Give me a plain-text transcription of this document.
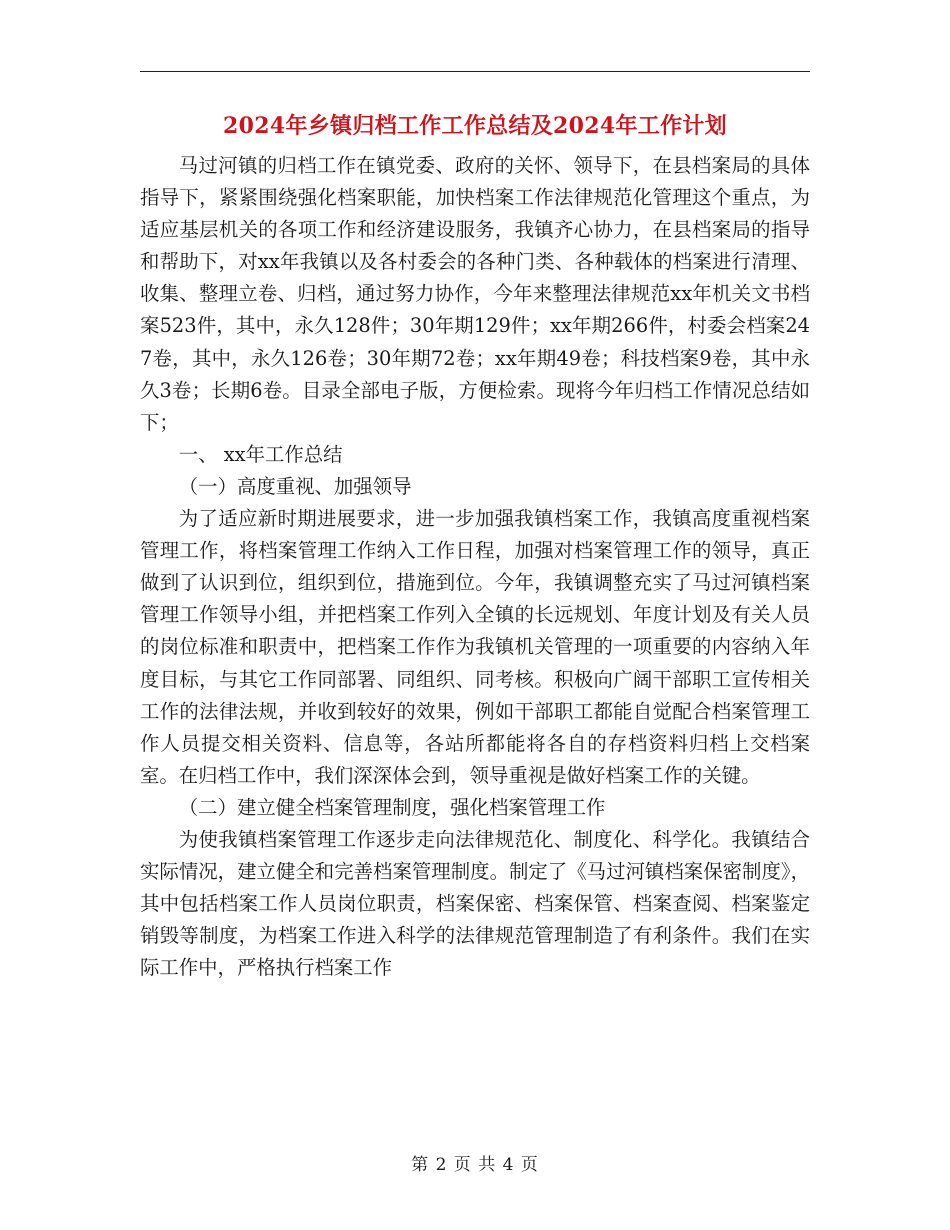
2024年乡镇归档工作工作总结及2024年工作计划

马过河镇的归档工作在镇党委、政府的关怀、领导下，在县档案局的具体指导下，紧紧围绕强化档案职能，加快档案工作法律规范化管理这个重点，为适应基层机关的各项工作和经济建设服务，我镇齐心协力，在县档案局的指导和帮助下，对xx年我镇以及各村委会的各种门类、各种载体的档案进行清理、收集、整理立卷、归档，通过努力协作，今年来整理法律规范xx年机关文书档案523件，其中，永久128件；30年期129件；xx年期266件，村委会档案247卷，其中，永久126卷；30年期72卷；xx年期49卷；科技档案9卷，其中永久3卷；长期6卷。目录全部电子版，方便检索。现将今年归档工作情况总结如下；

一、 xx年工作总结

（一）高度重视、加强领导

为了适应新时期进展要求，进一步加强我镇档案工作，我镇高度重视档案管理工作，将档案管理工作纳入工作日程，加强对档案管理工作的领导，真正做到了认识到位，组织到位，措施到位。今年，我镇调整充实了马过河镇档案管理工作领导小组，并把档案工作列入全镇的长远规划、年度计划及有关人员的岗位标准和职责中，把档案工作作为我镇机关管理的一项重要的内容纳入年度目标，与其它工作同部署、同组织、同考核。积极向广阔干部职工宣传相关工作的法律法规，并收到较好的效果，例如干部职工都能自觉配合档案管理工作人员提交相关资料、信息等，各站所都能将各自的存档资料归档上交档案室。在归档工作中，我们深深体会到，领导重视是做好档案工作的关键。

（二）建立健全档案管理制度，强化档案管理工作

为使我镇档案管理工作逐步走向法律规范化、制度化、科学化。我镇结合实际情况，建立健全和完善档案管理制度。制定了《马过河镇档案保密制度》，其中包括档案工作人员岗位职责，档案保密、档案保管、档案查阅、档案鉴定销毁等制度，为档案工作进入科学的法律规范管理制造了有利条件。我们在实际工作中，严格执行档案工作

第 2 页 共 4 页
